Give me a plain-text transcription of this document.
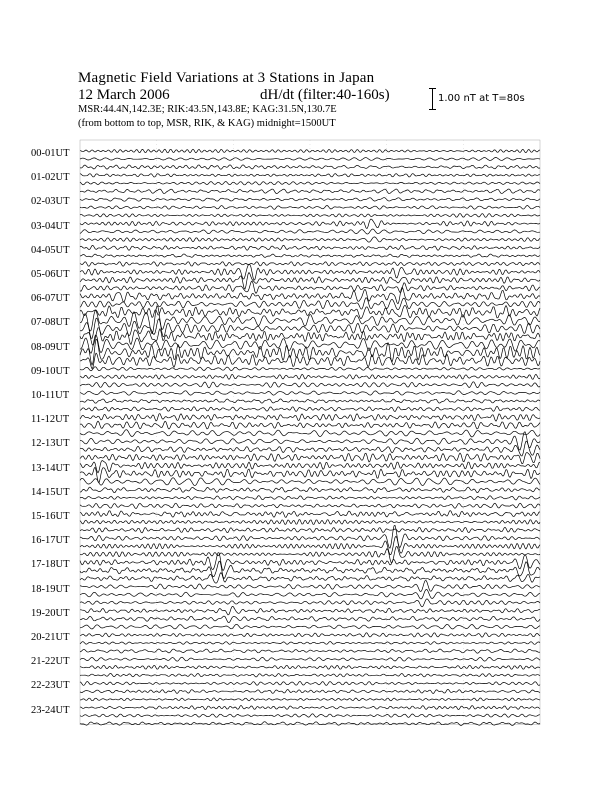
Magnetic Field Variations at 3 Stations in Japan
12 March 2006	dH/dt (filter:40-160s)
MSR:44.4N,142.3E; RIK:43.5N,143.8E; KAG:31.5N,130.7E
(from bottom to top, MSR, RIK, & KAG) midnight=1500UT
1.00 nT at T=80s
00-01UT
01-02UT
02-03UT
03-04UT
04-05UT
05-06UT
06-07UT
07-08UT
08-09UT
09-10UT
10-11UT
11-12UT
12-13UT
13-14UT
14-15UT
15-16UT
16-17UT
17-18UT
18-19UT
19-20UT
20-21UT
21-22UT
22-23UT
23-24UT
